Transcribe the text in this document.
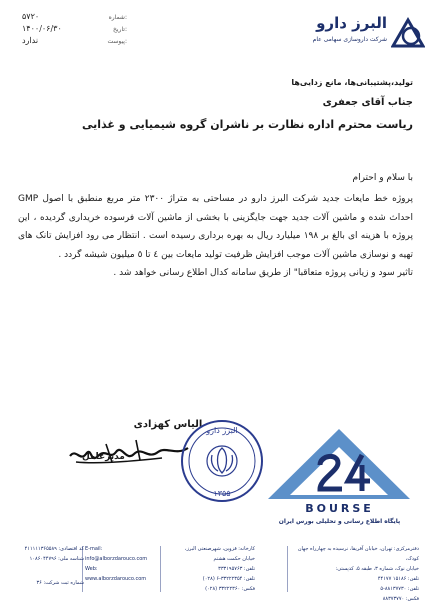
البرز دارو
شرکت داروسازی سهامی عام
شماره:
۵۷۲۰
تاریخ:
۱۴۰۰/۰۶/۳۰
پیوست:
ندارد
تولید،پشتیبانی‌ها، مانع زدایی‌ها
جناب آقای جعفری
ریاست محترم اداره نظارت بر ناشران گروه شیمیایی و غذایی
با سلام و احترام

پروژه خط مایعات جدید شرکت البرز دارو در مساحتی به متراژ ۲۳۰۰ متر مربع منطبق با اصول GMP احداث شده و ماشین آلات جدید جهت جایگزینی با بخشی از ماشین آلات فرسوده خریداری گردیده ، این پروژه با هزینه ای بالغ بر ۱۹۸ میلیارد ریال به بهره برداری رسیده است . انتظار می رود افزایش تانک های تهیه و نوسازی ماشین آلات موجب افزایش ظرفیت تولید مایعات بین ٤ تا ٥ میلیون شیشه گردد .

تاثیر سود و زیانی پروژه متعاقبا" از طریق سامانه کدال اطلاع رسانی خواهد شد .

الیاس کهزادی
مدیرعامل
البرز دارو
۱۳۵۵
BOURSE
پایگاه اطلاع رسانی و تحلیلی بورس ایران
دفترمرکزی: تهران، خیابان آفریقا، نرسیده به چهارراه جهان کودک،
خیابان نوک، شماره ۳، طبقه ۵، کدپستی:
تلفن: ۱۵۱۸۶ ۴۴۱۷۷
تلفن: ۸۸۱۳۷۷۳۰-۵
فکس: ۸۸۳۷۳۷۷۰
کارخانه: قزوین، شهرصنعتی البرز،
خیابان حکمت هشتم
تلفن: ۳۳۳۱۹۵۷۶۳
تلفن: ۳۳۲۲۲۳۵۴-۶ (۰۲۸)
فکس: ۳۳۲۲۲۳۶۰ (۰۲۸)
E-mail:
info@alborzdarouco.com
Web:
www.alborzdarouco.com
کد اقتصادی: ۴۱۱۱۱۱۳۶۵۵۸۹
شناسه ملی: ۱۰۸۶۰۴۴۷۹۶
شماره ثبت شرکت: ۳۶
